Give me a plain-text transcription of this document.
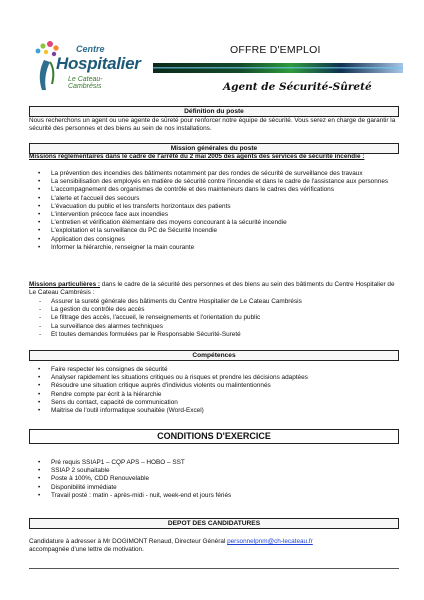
Centre
Hospitalier
Le Cateau-Cambrésis
OFFRE D'EMPLOI
Agent de Sécurité-Sûreté
Définition du poste
Nous recherchons un agent ou une agente de sûreté pour renforcer notre équipe de sécurité. Vous serez en charge de garantir la sécurité des personnes et des biens au sein de nos installations.
Mission générales du poste
Missions réglementaires dans le cadre de l'arrêté du 2 mai 2005 des agents des services de sécurité incendie :
• La prévention des incendies des bâtiments notamment par des rondes de sécurité de surveillance des travaux
• La sensibilisation des employés en matière de sécurité contre l'incendie et dans le cadre de l'assistance aux personnes
• L'accompagnement des organismes de contrôle et des mainteneurs dans le cadres des vérifications
• L'alerte et l'accueil des secours
• L'évacuation du public et les transferts horizontaux des patients
• L'intervention précoce face aux incendies
• L'entretien et vérification élémentaire des moyens concourant à la sécurité incendie
• L'exploitation et la surveillance du PC de Sécurité Incendie
• Application des consignes
• Informer la hiérarchie, renseigner la main courante
Missions particulières : dans le cadre de la sécurité des personnes et des biens au sein des bâtiments du Centre Hospitalier de Le Cateau Cambrésis :
- Assurer la sureté générale des bâtiments du Centre Hospitalier de Le Cateau Cambrésis
- La gestion du contrôle des accès
- Le filtrage des accès, l'accueil, le renseignements et l'orientation du public
- La surveillance des alarmes techniques
- Et toutes demandes formulées par le Responsable Sécurité-Sureté
Compétences
• Faire respecter les consignes de sécurité
• Analyser rapidement les situations critiques ou à risques et prendre les décisions adaptées
• Résoudre une situation critique auprès d'individus violents ou malintentionnés
• Rendre compte par écrit à la hiérarchie
• Sens du contact, capacité de communication
• Maitrise de l'outil informatique souhaitée (Word-Excel)
CONDITIONS D'EXERCICE
• Pré requis SSIAP1 – CQP APS – HOBO – SST
• SSIAP 2 souhaitable
• Poste à 100%, CDD Renouvelable
• Disponibilité immédiate
• Travail posté : matin - après-midi - nuit, week-end et jours fériés
DEPOT DES CANDIDATURES
Candidature à adresser à Mr DOGIMONT Renaud, Directeur Général personnelpnm@ch-lecateau.fr
accompagnée d'une lettre de motivation.
